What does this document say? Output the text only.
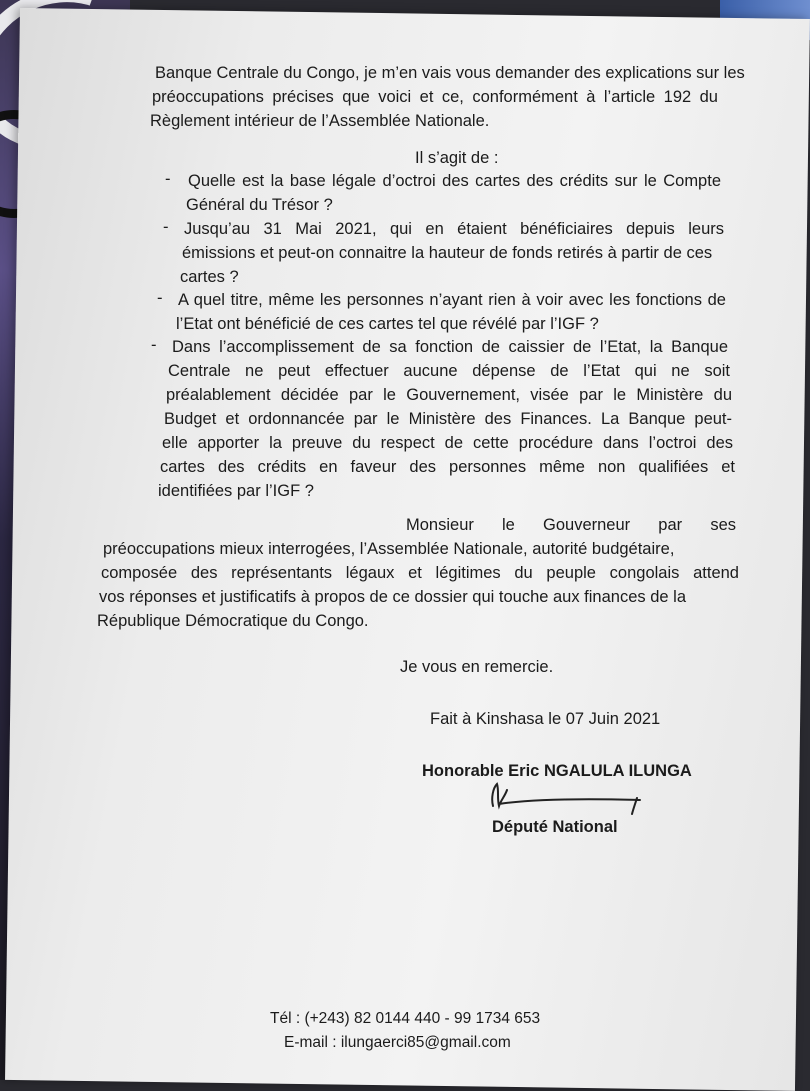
Banque Centrale du Congo, je m’en vais vous demander des explications sur les
préoccupations précises que voici et ce, conformément à l’article 192 du
Règlement intérieur de l’Assemblée Nationale.
Il s’agit de :
- Quelle est la base légale d’octroi des cartes des crédits sur le Compte
Général du Trésor ?
- Jusqu’au 31 Mai 2021, qui en étaient bénéficiaires depuis leurs
émissions et peut-on connaitre la hauteur de fonds retirés à partir de ces
cartes ?
- A quel titre, même les personnes n’ayant rien à voir avec les fonctions de
l’Etat ont bénéficié de ces cartes tel que révélé par l’IGF ?
- Dans l’accomplissement de sa fonction de caissier de l’Etat, la Banque
Centrale ne peut effectuer aucune dépense de l’Etat qui ne soit
préalablement décidée par le Gouvernement, visée par le Ministère du
Budget et ordonnancée par le Ministère des Finances. La Banque peut-
elle apporter la preuve du respect de cette procédure dans l’octroi des
cartes des crédits en faveur des personnes même non qualifiées et
identifiées par l’IGF ?
Monsieur le Gouverneur par ses
préoccupations mieux interrogées, l’Assemblée Nationale, autorité budgétaire,
composée des représentants légaux et légitimes du peuple congolais attend
vos réponses et justificatifs à propos de ce dossier qui touche aux finances de la
République Démocratique du Congo.
Je vous en remercie.
Fait à Kinshasa le 07 Juin 2021
Honorable Eric NGALULA ILUNGA
Député National
Tél : (+243) 82 0144 440 - 99 1734 653
E-mail : ilungaerci85@gmail.com
